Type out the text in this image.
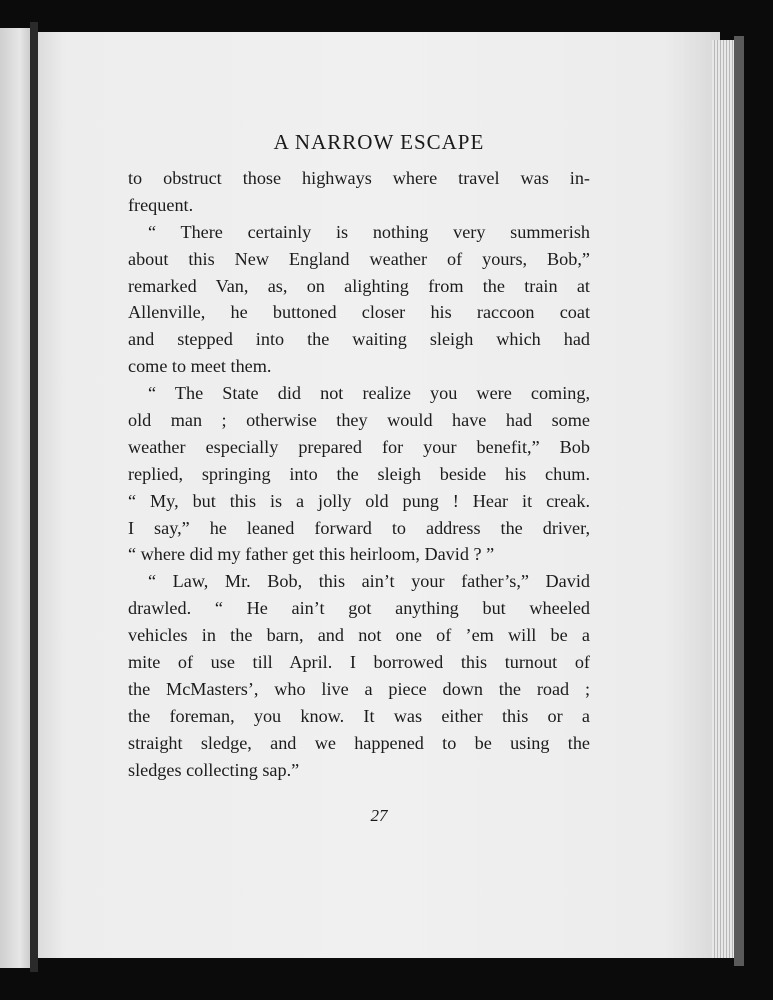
A NARROW ESCAPE
to obstruct those highways where travel was in-
frequent.
“ There certainly is nothing very summerish
about this New England weather of yours, Bob,”
remarked Van, as, on alighting from the train at
Allenville, he buttoned closer his raccoon coat
and stepped into the waiting sleigh which had
come to meet them.
“ The State did not realize you were coming,
old man ; otherwise they would have had some
weather especially prepared for your benefit,” Bob
replied, springing into the sleigh beside his chum.
“ My, but this is a jolly old pung ! Hear it creak.
I say,” he leaned forward to address the driver,
“ where did my father get this heirloom, David ? ”
“ Law, Mr. Bob, this ain’t your father’s,” David
drawled. “ He ain’t got anything but wheeled
vehicles in the barn, and not one of ’em will be a
mite of use till April. I borrowed this turnout of
the McMasters’, who live a piece down the road ;
the foreman, you know. It was either this or a
straight sledge, and we happened to be using the
sledges collecting sap.”
27
